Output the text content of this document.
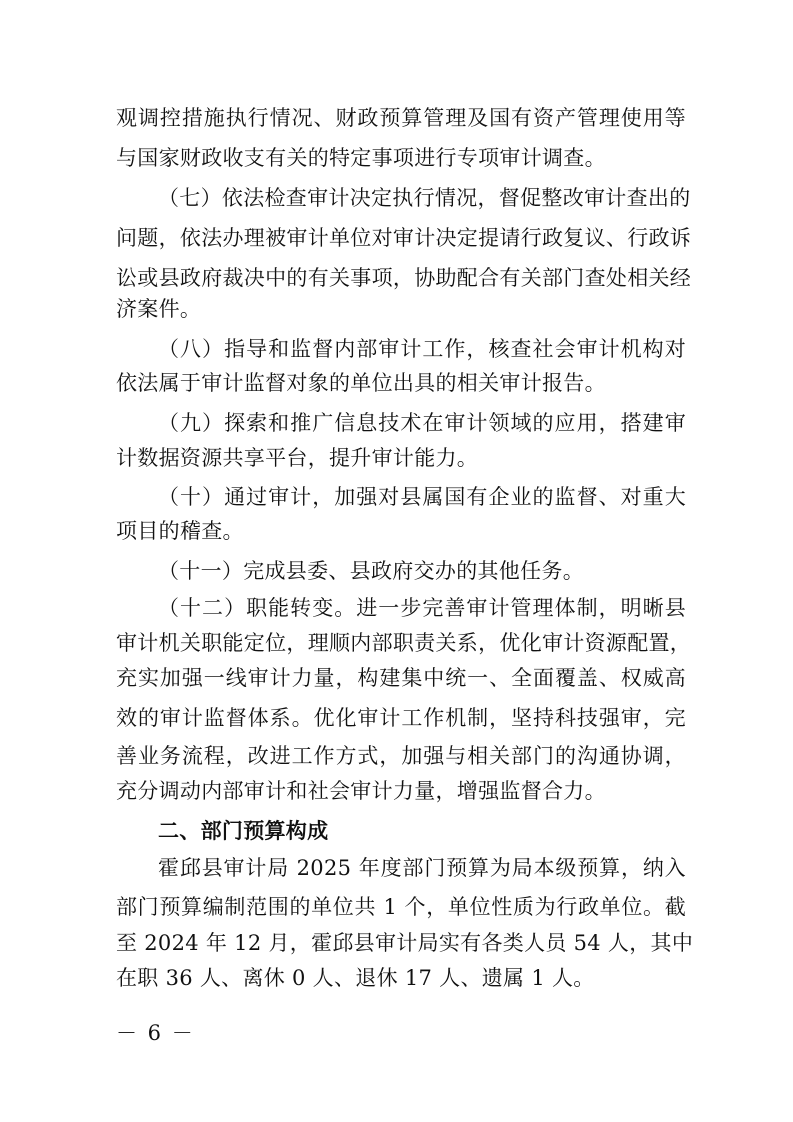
观调控措施执行情况、财政预算管理及国有资产管理使用等
与国家财政收支有关的特定事项进行专项审计调查。
（七）依法检查审计决定执行情况，督促整改审计查出的
问题，依法办理被审计单位对审计决定提请行政复议、行政诉
讼或县政府裁决中的有关事项，协助配合有关部门查处相关经
济案件。
（八）指导和监督内部审计工作，核查社会审计机构对
依法属于审计监督对象的单位出具的相关审计报告。
（九）探索和推广信息技术在审计领域的应用，搭建审
计数据资源共享平台，提升审计能力。
（十）通过审计，加强对县属国有企业的监督、对重大
项目的稽查。
（十一）完成县委、县政府交办的其他任务。
（十二）职能转变。进一步完善审计管理体制，明晰县
审计机关职能定位，理顺内部职责关系，优化审计资源配置，
充实加强一线审计力量，构建集中统一、全面覆盖、权威高
效的审计监督体系。优化审计工作机制，坚持科技强审，完
善业务流程，改进工作方式，加强与相关部门的沟通协调，
充分调动内部审计和社会审计力量，增强监督合力。
二、部门预算构成
霍邱县审计局 2025 年度部门预算为局本级预算，纳入
部门预算编制范围的单位共 1 个，单位性质为行政单位。截
至 2024 年 12 月，霍邱县审计局实有各类人员 54 人，其中
在职 36 人、离休 0 人、退休 17 人、遗属 1 人。
－ 6 －
